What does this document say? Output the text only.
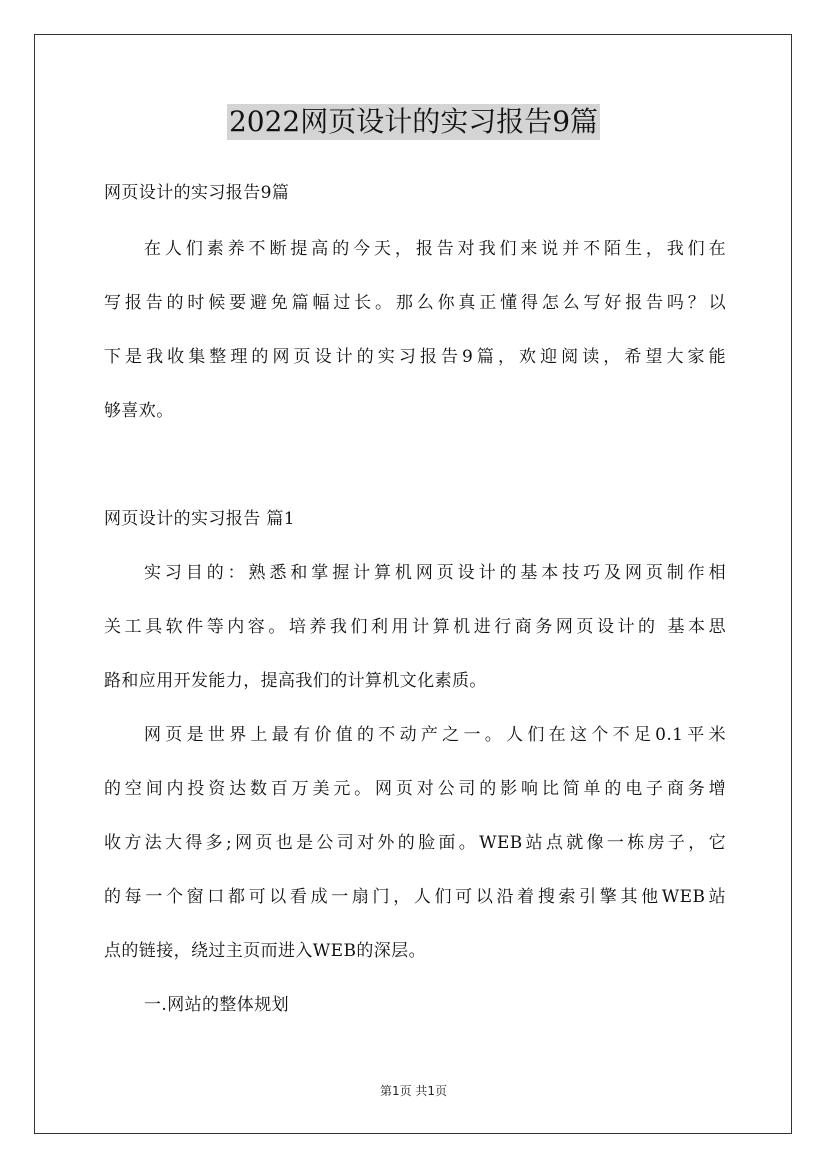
2022网页设计的实习报告9篇
网页设计的实习报告9篇
在人们素养不断提高的今天，报告对我们来说并不陌生，我们在
写报告的时候要避免篇幅过长。那么你真正懂得怎么写好报告吗？以
下是我收集整理的网页设计的实习报告9篇，欢迎阅读，希望大家能
够喜欢。
网页设计的实习报告 篇1
实习目的：熟悉和掌握计算机网页设计的基本技巧及网页制作相
关工具软件等内容。培养我们利用计算机进行商务网页设计的 基本思
路和应用开发能力，提高我们的计算机文化素质。
网页是世界上最有价值的不动产之一。人们在这个不足0.1平米
的空间内投资达数百万美元。网页对公司的影响比简单的电子商务增
收方法大得多;网页也是公司对外的脸面。WEB站点就像一栋房子，它
的每一个窗口都可以看成一扇门，人们可以沿着搜索引擎其他WEB站
点的链接，绕过主页而进入WEB的深层。
一.网站的整体规划
第1页 共1页
